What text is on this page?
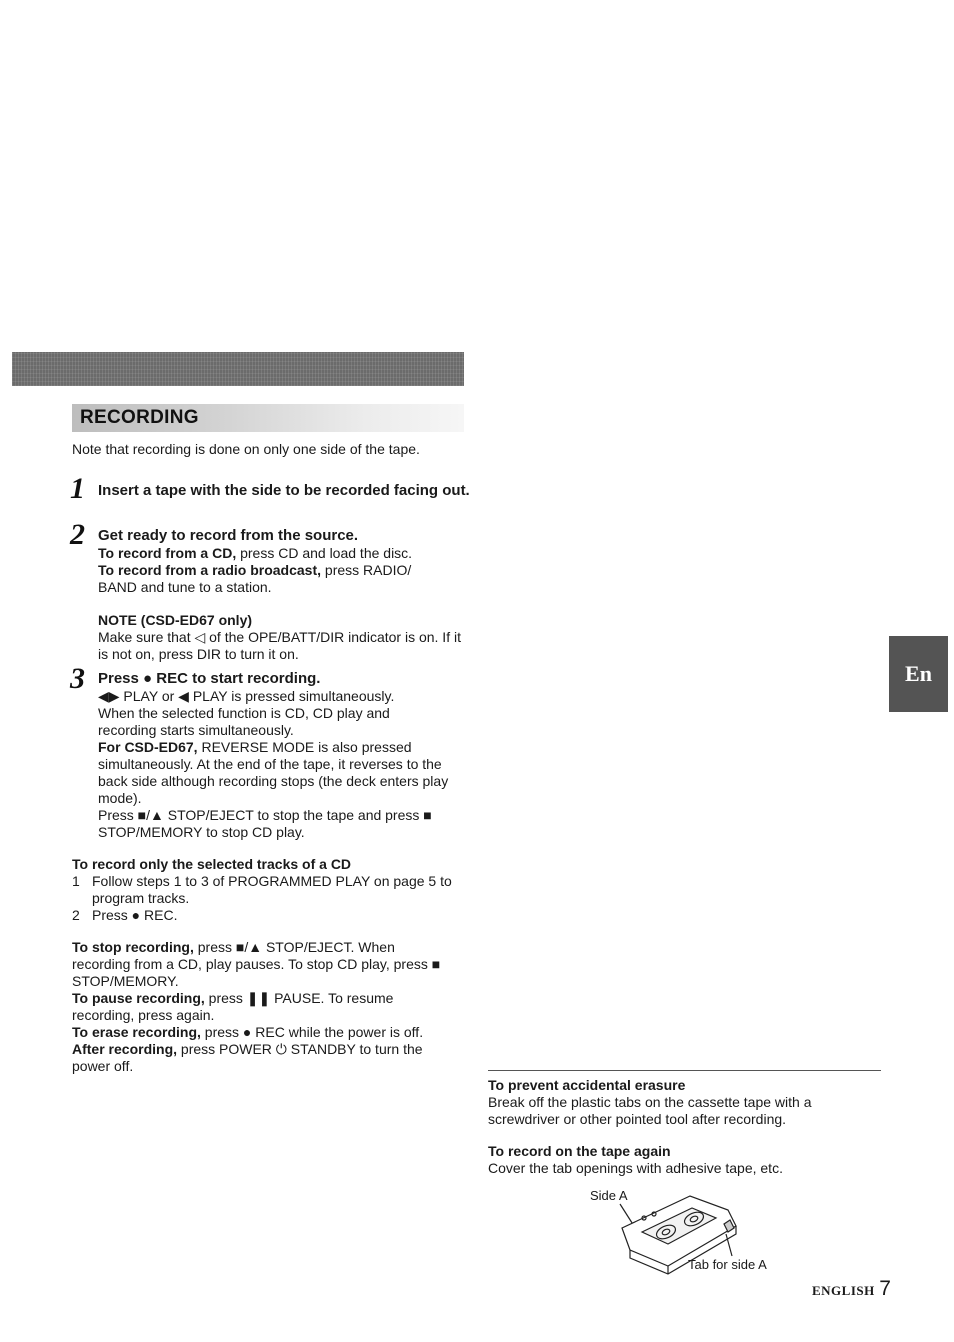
RECORDING

Note that recording is done on only one side of the tape.

1 Insert a tape with the side to be recorded facing out.
2 Get ready to record from the source.

To record from a CD, press CD and load the disc.

To record from a radio broadcast, press RADIO/ BAND and tune to a station.

NOTE (CSD-ED67 only)

Make sure that ◁ of the OPE/BATT/DIR indicator is on. If it is not on, press DIR to turn it on.

3 Press ● REC to start recording.

◀▶ PLAY or ◀ PLAY is pressed simultaneously. When the selected function is CD, CD play and recording starts simultaneously.

For CSD-ED67, REVERSE MODE is also pressed simultaneously. At the end of the tape, it reverses to the back side although recording stops (the deck enters play mode).

Press ■/▲ STOP/EJECT to stop the tape and press ■ STOP/MEMORY to stop CD play.

To record only the selected tracks of a CD
1 Follow steps 1 to 3 of PROGRAMMED PLAY on page 5 to program tracks.
2 Press ● REC.

To stop recording, press ■/▲ STOP/EJECT. When recording from a CD, play pauses. To stop CD play, press ■ STOP/MEMORY.

To pause recording, press ❚❚ PAUSE. To resume recording, press again.

To erase recording, press ● REC while the power is off.

After recording, press POWER ⏻ STANDBY to turn the power off.

En
To prevent accidental erasure

Break off the plastic tabs on the cassette tape with a screwdriver or other pointed tool after recording.

To record on the tape again

Cover the tab openings with adhesive tape, etc.

Side A
Tab for side A
ENGLISH 7
